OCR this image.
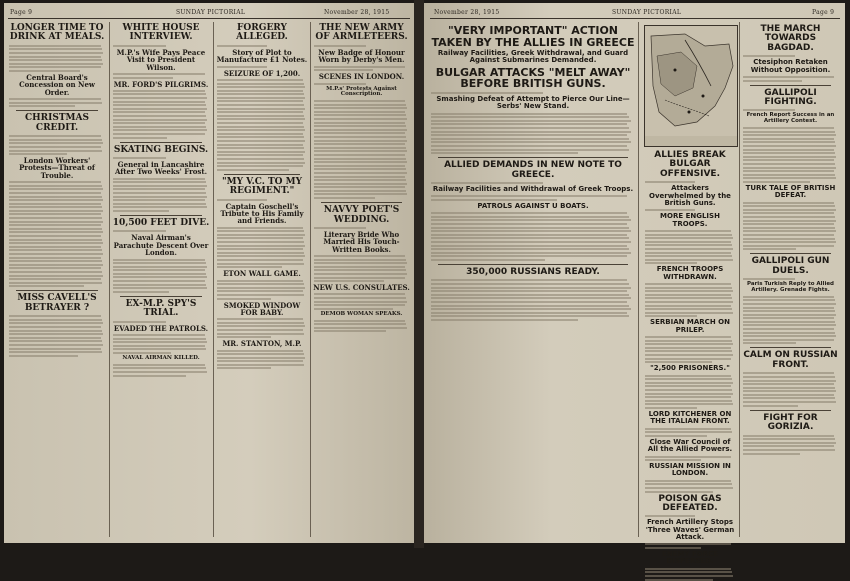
Page 9	SUNDAY PICTORIAL	November 28, 1915
LONGER TIME TO DRINK AT MEALS.
Central Board's Concession on New Order.
CHRISTMAS CREDIT.
London Workers' Protests—Threat of Trouble.
MISS CAVELL'S BETRAYER ?
WHITE HOUSE INTERVIEW.
M.P.'s Wife Pays Peace Visit to President Wilson.
MR. FORD'S PILGRIMS.
SKATING BEGINS.
General in Lancashire After Two Weeks' Frost.
10,500 FEET DIVE.
Naval Airman's Parachute Descent Over London.
EX-M.P. SPY'S TRIAL.
EVADED THE PATROLS.
NAVAL AIRMAN KILLED.
FORGERY ALLEGED.
Story of Plot to Manufacture £1 Notes.
SEIZURE OF 1,200.
"MY V.C. TO MY REGIMENT."
Captain Goschell's Tribute to His Family and Friends.
ETON WALL GAME.
SMOKED WINDOW FOR BABY.
MR. STANTON, M.P.
THE NEW ARMY OF ARMLETEERS.
New Badge of Honour Worn by Derby's Men.
SCENES IN LONDON.
M.P.s' Protests Against Conscription.
NAVVY POET'S WEDDING.
Literary Bride Who Married His Touch-Written Books.
NEW U.S. CONSULATES.
DEMOB WOMAN SPEAKS.
November 28, 1915	SUNDAY PICTORIAL	Page 9
"VERY IMPORTANT" ACTION TAKEN BY THE ALLIES IN GREECE
Railway Facilities, Greek Withdrawal, and Guard Against Submarines Demanded.
BULGAR ATTACKS "MELT AWAY" BEFORE BRITISH GUNS.
Smashing Defeat of Attempt to Pierce Our Line—Serbs' New Stand.
ALLIED DEMANDS IN NEW NOTE TO GREECE.
Railway Facilities and Withdrawal of Greek Troops.
PATROLS AGAINST U BOATS.
350,000 RUSSIANS READY.
ALLIES BREAK BULGAR OFFENSIVE.
Attackers Overwhelmed by the British Guns.
MORE ENGLISH TROOPS.
FRENCH TROOPS WITHDRAWN.
SERBIAN MARCH ON PRILEP.
"2,500 PRISONERS."
LORD KITCHENER ON THE ITALIAN FRONT.
Close War Council of All the Allied Powers.
RUSSIAN MISSION IN LONDON.
POISON GAS DEFEATED.
French Artillery Stops 'Three Waves' German Attack.
ENEMY FORCE DISPERSED.
THE MARCH TOWARDS BAGDAD.
Ctesiphon Retaken Without Opposition.
GALLIPOLI FIGHTING.
French Report Success in an Artillery Contest.
TURK TALE OF BRITISH DEFEAT.
GALLIPOLI GUN DUELS.
Paris Turkish Reply to Allied Artillery. Grenade Fights.
CALM ON RUSSIAN FRONT.
FIGHT FOR GORIZIA.
